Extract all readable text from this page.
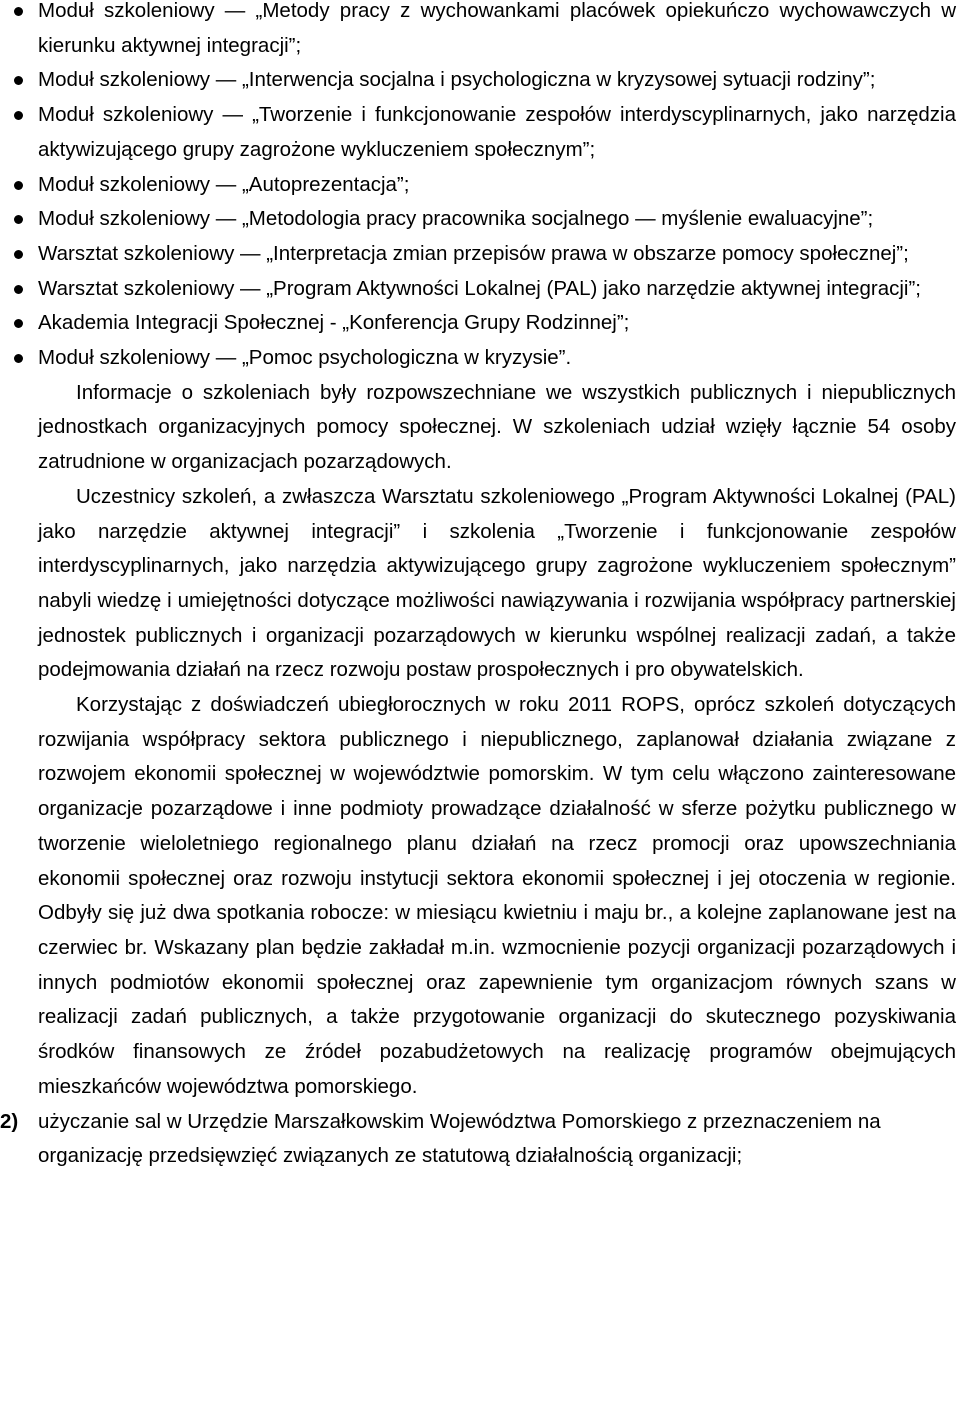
Moduł szkoleniowy — „Metody pracy z wychowankami placówek opiekuńczo wychowawczych w kierunku aktywnej integracji”;
Moduł szkoleniowy — „Interwencja socjalna i psychologiczna w kryzysowej sytuacji rodziny”;
Moduł szkoleniowy — „Tworzenie i funkcjonowanie zespołów interdyscyplinarnych, jako narzędzia aktywizującego grupy zagrożone wykluczeniem społecznym”;
Moduł szkoleniowy — „Autoprezentacja”;
Moduł szkoleniowy — „Metodologia pracy pracownika socjalnego — myślenie ewaluacyjne”;
Warsztat szkoleniowy — „Interpretacja zmian przepisów prawa w obszarze pomocy społecznej”;
Warsztat szkoleniowy — „Program Aktywności Lokalnej (PAL) jako narzędzie aktywnej integracji”;
Akademia Integracji Społecznej - „Konferencja Grupy Rodzinnej”;
Moduł szkoleniowy — „Pomoc psychologiczna w kryzysie”.

Informacje o szkoleniach były rozpowszechniane we wszystkich publicznych i niepublicznych jednostkach organizacyjnych pomocy społecznej. W szkoleniach udział wzięły łącznie 54 osoby zatrudnione w organizacjach pozarządowych.

Uczestnicy szkoleń, a zwłaszcza Warsztatu szkoleniowego „Program Aktywności Lokalnej (PAL) jako narzędzie aktywnej integracji” i szkolenia „Tworzenie i funkcjonowanie zespołów interdyscyplinarnych, jako narzędzia aktywizującego grupy zagrożone wykluczeniem społecznym” nabyli wiedzę i umiejętności dotyczące możliwości nawiązywania i rozwijania współpracy partnerskiej jednostek publicznych i organizacji pozarządowych w kierunku wspólnej realizacji zadań, a także podejmowania działań na rzecz rozwoju postaw prospołecznych i pro obywatelskich.

Korzystając z doświadczeń ubiegłorocznych w roku 2011 ROPS, oprócz szkoleń dotyczących rozwijania współpracy sektora publicznego i niepublicznego, zaplanował działania związane z rozwojem ekonomii społecznej w województwie pomorskim. W tym celu włączono zainteresowane organizacje pozarządowe i inne podmioty prowadzące działalność w sferze pożytku publicznego w tworzenie wieloletniego regionalnego planu działań na rzecz promocji oraz upowszechniania ekonomii społecznej oraz rozwoju instytucji sektora ekonomii społecznej i jej otoczenia w regionie. Odbyły się już dwa spotkania robocze: w miesiącu kwietniu i maju br., a kolejne zaplanowane jest na czerwiec br. Wskazany plan będzie zakładał m.in. wzmocnienie pozycji organizacji pozarządowych i innych podmiotów ekonomii społecznej oraz zapewnienie tym organizacjom równych szans w realizacji zadań publicznych, a także przygotowanie organizacji do skutecznego pozyskiwania środków finansowych ze źródeł pozabudżetowych na realizację programów obejmujących mieszkańców województwa pomorskiego.

2) użyczanie sal w Urzędzie Marszałkowskim Województwa Pomorskiego z przeznaczeniem na organizację przedsięwzięć związanych ze statutową działalnością organizacji;
